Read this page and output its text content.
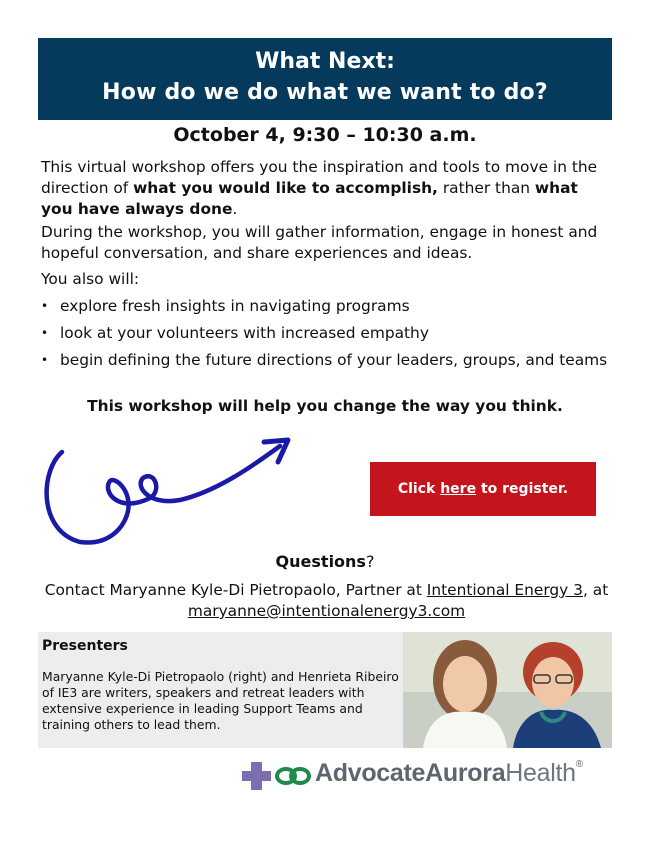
What Next:
How do we do what we want to do?
October 4, 9:30 – 10:30 a.m.
This virtual workshop offers you the inspiration and tools to move in the direction of what you would like to accomplish, rather than what you have always done.
During the workshop, you will gather information, engage in honest and hopeful conversation, and share experiences and ideas.
You also will:
• explore fresh insights in navigating programs
• look at your volunteers with increased empathy
• begin defining the future directions of your leaders, groups, and teams
This workshop will help you change the way you think.
Click here to register.
Questions?
Contact Maryanne Kyle-Di Pietropaolo, Partner at Intentional Energy 3, at maryanne@intentionalenergy3.com
Presenters
Maryanne Kyle-Di Pietropaolo (right) and Henrieta Ribeiro of IE3 are writers, speakers and retreat leaders with extensive experience in leading Support Teams and training others to lead them.
AdvocateAuroraHealth®
